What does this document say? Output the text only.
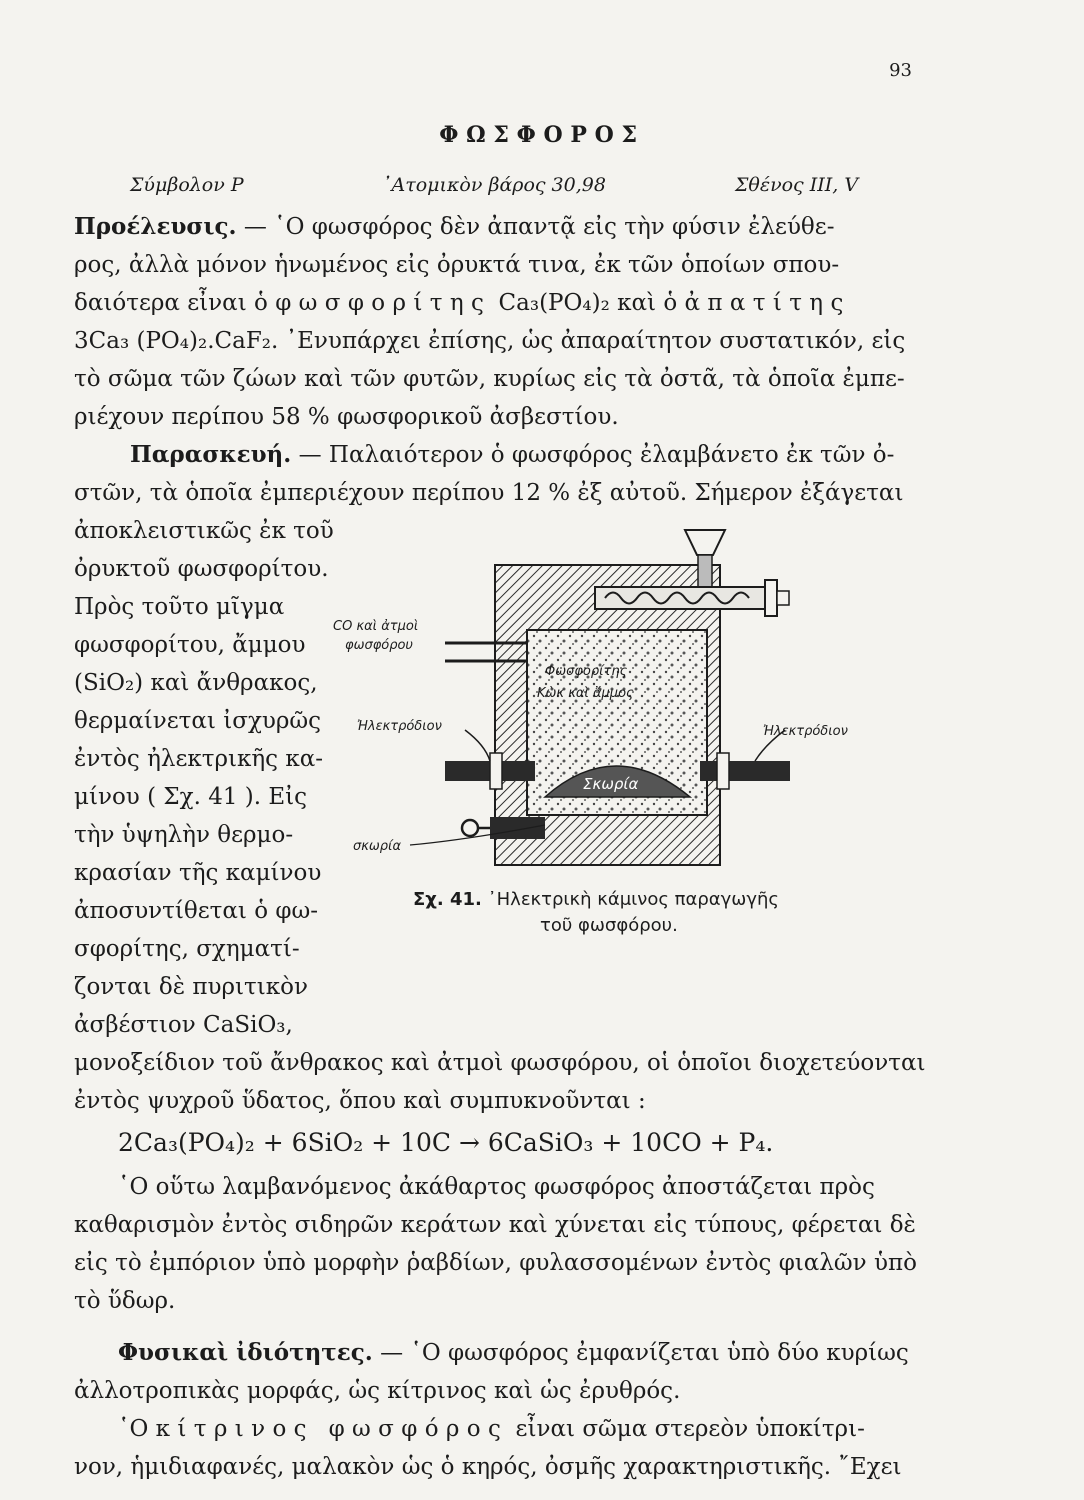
93
ΦΩΣΦΟΡΟΣ
Σύμβολον P	᾿Ατομικὸν βάρος 30,98	Σθένος III, V
Προέλευσις. — ῾Ο φωσφόρος δὲν ἀπαντᾷ εἰς τὴν φύσιν ἐλεύθε-
ρος, ἀλλὰ μόνον ἡνωμένος εἰς ὀρυκτά τινα, ἐκ τῶν ὁποίων σπου-
δαιότερα εἶναι ὁ φωσφορίτης Ca₃(PO₄)₂ καὶ ὁ ἀπατίτης
3Ca₃ (PO₄)₂.CaF₂. ᾿Ενυπάρχει ἐπίσης, ὡς ἀπαραίτητον συστατικόν, εἰς
τὸ σῶμα τῶν ζώων καὶ τῶν φυτῶν, κυρίως εἰς τὰ ὀστᾶ, τὰ ὁποῖα ἐμπε-
ριέχουν περίπου 58 % φωσφορικοῦ ἀσβεστίου.
Παρασκευή. — Παλαιότερον ὁ φωσφόρος ἐλαμβάνετο ἐκ τῶν ὀ-
στῶν, τὰ ὁποῖα ἐμπεριέχουν περίπου 12 % ἐξ αὐτοῦ. Σήμερον ἐξάγεται
ἀποκλειστικῶς ἐκ τοῦ
ὀρυκτοῦ φωσφορίτου.
Πρὸς τοῦτο μῖγμα
φωσφορίτου, ἄμμου
(SiO₂) καὶ ἄνθρακος,
θερμαίνεται ἰσχυρῶς
ἐντὸς ἠλεκτρικῆς κα-
μίνου ( Σχ. 41 ). Εἰς
τὴν ὑψηλὴν θερμο-
κρασίαν τῆς καμίνου
ἀποσυντίθεται ὁ φω-
σφορίτης, σχηματί-
ζονται δὲ πυριτικὸν
ἀσβέστιον CaSiO₃,
μονοξείδιον τοῦ ἄνθρακος καὶ ἀτμοὶ φωσφόρου, οἱ ὁποῖοι διοχετεύονται
ἐντὸς ψυχροῦ ὕδατος, ὅπου καὶ συμπυκνοῦνται :
2Ca₃(PO₄)₂ + 6SiO₂ + 10C → 6CaSiO₃ + 10CO + P₄.
῾Ο οὕτω λαμβανόμενος ἀκάθαρτος φωσφόρος ἀποστάζεται πρὸς
καθαρισμὸν ἐντὸς σιδηρῶν κεράτων καὶ χύνεται εἰς τύπους, φέρεται δὲ
εἰς τὸ ἐμπόριον ὑπὸ μορφὴν ῥαβδίων, φυλασσομένων ἐντὸς φιαλῶν ὑπὸ
τὸ ὕδωρ.
Φυσικαὶ ἰδιότητες. — ῾Ο φωσφόρος ἐμφανίζεται ὑπὸ δύο κυρίως
ἀλλοτροπικὰς μορφάς, ὡς κίτρινος καὶ ὡς ἐρυθρός.
῾Ο κίτρινος φωσφόρος εἶναι σῶμα στερεὸν ὑποκίτρι-
νον, ἡμιδιαφανές, μαλακὸν ὡς ὁ κηρός, ὀσμῆς χαρακτηριστικῆς. ῎Εχει
Σκωρία
CO καὶ ἀτμοὶ
φωσφόρου
Φωσφορίτης
Κὼκ καὶ ἄμμος
Ἠλεκτρόδιον	Ἠλεκτρόδιον
σκωρία
Σχ. 41. ᾿Ηλεκτρικὴ κάμινος παραγωγῆς
τοῦ φωσφόρου.
